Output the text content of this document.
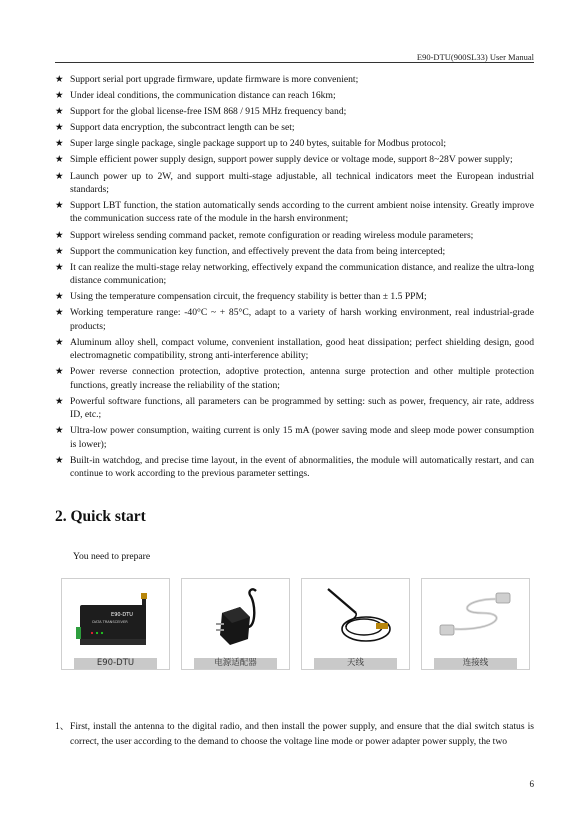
E90-DTU(900SL33) User Manual
★ Support serial port upgrade firmware, update firmware is more convenient;
★ Under ideal conditions, the communication distance can reach 16km;
★ Support for the global license-free ISM 868 / 915 MHz frequency band;
★ Support data encryption, the subcontract length can be set;
★ Super large single package, single package support up to 240 bytes, suitable for Modbus protocol;
★ Simple efficient power supply design, support power supply device or voltage mode, support 8~28V power supply;
★ Launch power up to 2W, and support multi-stage adjustable, all technical indicators meet the European industrial standards;
★ Support LBT function, the station automatically sends according to the current ambient noise intensity. Greatly improve the communication success rate of the module in the harsh environment;
★ Support wireless sending command packet, remote configuration or reading wireless module parameters;
★ Support the communication key function, and effectively prevent the data from being intercepted;
★ It can realize the multi-stage relay networking, effectively expand the communication distance, and realize the ultra-long distance communication;
★ Using the temperature compensation circuit, the frequency stability is better than ± 1.5 PPM;
★ Working temperature range: -40°C ~ + 85°C, adapt to a variety of harsh working environment, real industrial-grade products;
★ Aluminum alloy shell, compact volume, convenient installation, good heat dissipation; perfect shielding design, good electromagnetic compatibility, strong anti-interference ability;
★ Power reverse connection protection, adoptive protection, antenna surge protection and other multiple protection functions, greatly increase the reliability of the station;
★ Powerful software functions, all parameters can be programmed by setting: such as power, frequency, air rate, address ID, etc.;
★ Ultra-low power consumption, waiting current is only 15 mA (power saving mode and sleep mode power consumption is lower);
★ Built-in watchdog, and precise time layout, in the event of abnormalities, the module will automatically restart, and can continue to work according to the previous parameter settings.
2. Quick start
You need to prepare
E90-DTU
DATA TRANSCEIVER
E90-DTU	电源适配器	天线	连接线
1、 First, install the antenna to the digital radio, and then install the power supply, and ensure that the dial switch status is correct, the user according to the demand to choose the voltage line mode or power adapter power supply, the two
6
